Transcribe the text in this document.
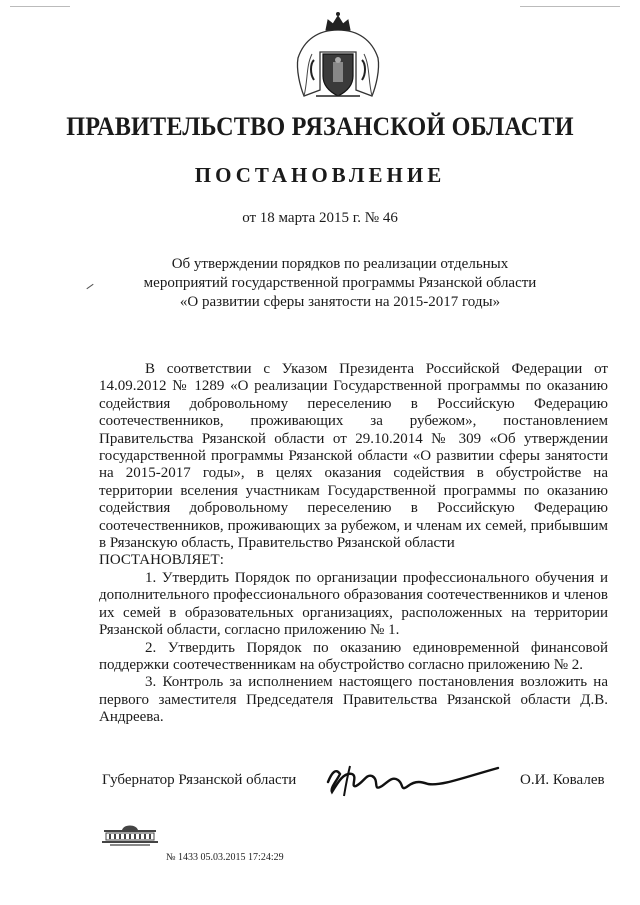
ПРАВИТЕЛЬСТВО РЯЗАНСКОЙ ОБЛАСТИ
ПОСТАНОВЛЕНИЕ
от 18 марта 2015 г. № 46
Об утверждении порядков по реализации отдельных
мероприятий государственной программы Рязанской области
«О развитии сферы занятости на 2015-2017 годы»

В соответствии с Указом Президента Российской Федерации от 14.09.2012 № 1289 «О реализации Государственной программы по оказанию содействия добровольному переселению в Российскую Федерацию соотечественников, проживающих за рубежом», постановлением Правительства Рязанской области от 29.10.2014 № 309 «Об утверждении государственной программы Рязанской области «О развитии сферы занятости на 2015-2017 годы», в целях оказания содействия в обустройстве на территории вселения участникам Государственной программы по оказанию содействия добровольному переселению в Российскую Федерацию соотечественников, проживающих за рубежом, и членам их семей, прибывшим в Рязанскую область, Правительство Рязанской области

ПОСТАНОВЛЯЕТ:

1. Утвердить Порядок по организации профессионального обучения и дополнительного профессионального образования соотечественников и членов их семей в образовательных организациях, расположенных на территории Рязанской области, согласно приложению № 1.

2. Утвердить Порядок по оказанию единовременной финансовой поддержки соотечественникам на обустройство согласно приложению № 2.

3. Контроль за исполнением настоящего постановления возложить на первого заместителя Председателя Правительства Рязанской области Д.В. Андреева.

Губернатор Рязанской области	О.И. Ковалев
№ 1433 05.03.2015 17:24:29
